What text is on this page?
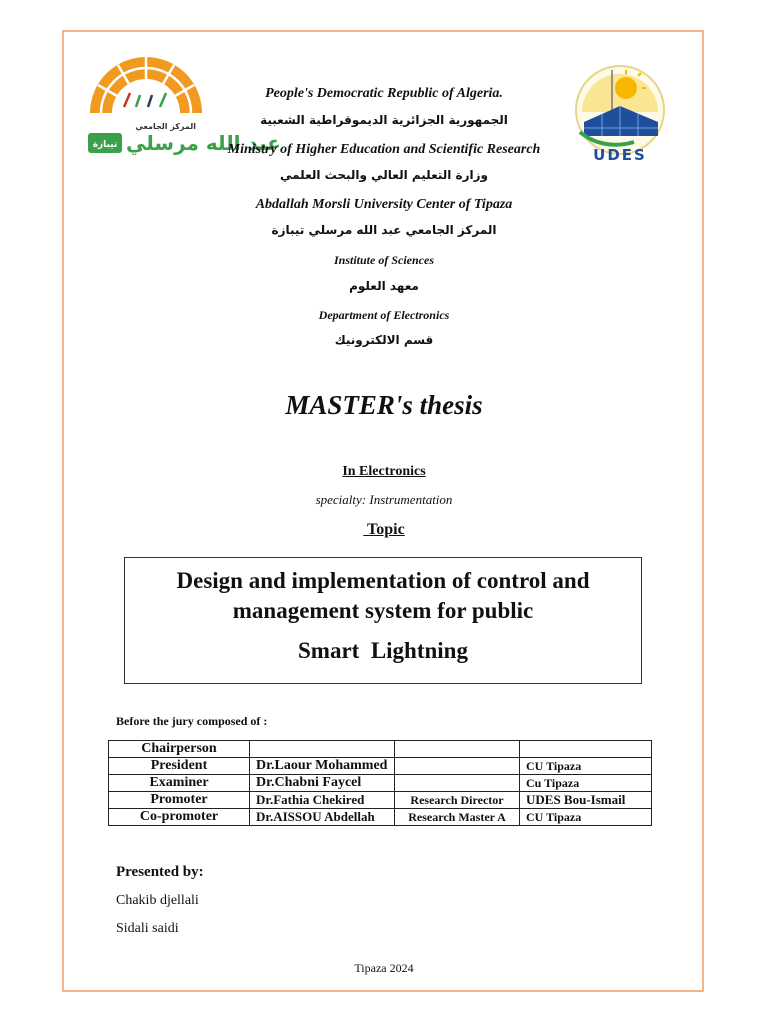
عبد الله مرسلي
تيبازة
المركز الجامعي
UDES
People's Democratic Republic of Algeria.
الجمهورية الجزائرية الديموقراطية الشعبية
Ministry of Higher Education and Scientific Research
وزارة التعليم العالي والبحث العلمي
Abdallah Morsli University Center of Tipaza
المركز الجامعي عبد الله مرسلي تيبازة
Institute of Sciences
معهد العلوم
Department of Electronics
قسم الالكترونيك
MASTER's thesis
In Electronics
specialty: Instrumentation
Topic
Design and implementation of control and
management system for public
Smart  Lightning
Before the jury composed of :
Chairperson			
President	Dr.Laour Mohammed		CU Tipaza
Examiner	Dr.Chabni Faycel		Cu Tipaza
Promoter	Dr.Fathia Chekired	Research Director	UDES Bou-Ismail
Co-promoter	Dr.AISSOU Abdellah	Research Master A	CU Tipaza
Presented by:
Chakib djellali
Sidali saidi
Tipaza 2024
